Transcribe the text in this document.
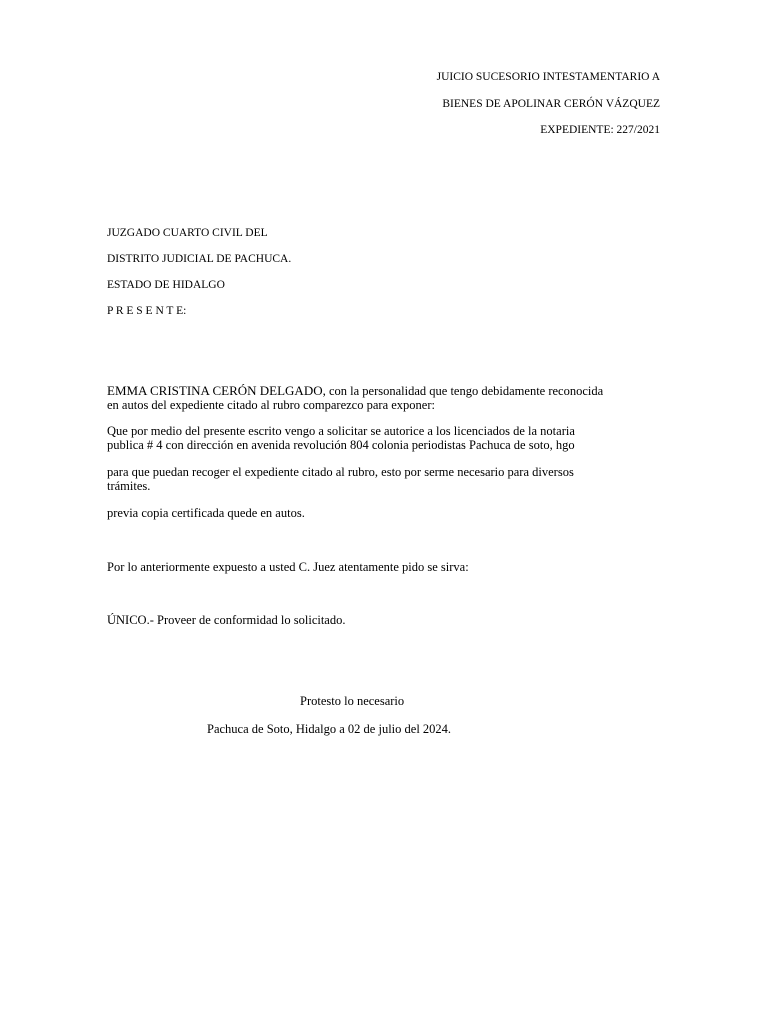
JUICIO SUCESORIO INTESTAMENTARIO A

BIENES DE APOLINAR CERÓN VÁZQUEZ

EXPEDIENTE: 227/2021

JUZGADO CUARTO CIVIL DEL

DISTRITO JUDICIAL DE PACHUCA.

ESTADO DE HIDALGO

P R E S E N T E:

EMMA CRISTINA CERÓN DELGADO, con la personalidad que tengo debidamente reconocida

en autos del expediente citado al rubro comparezco para exponer:

Que por medio del presente escrito vengo a solicitar se autorice a los licenciados de la notaria

publica # 4 con dirección en avenida revolución 804 colonia periodistas Pachuca de soto, hgo

para que puedan recoger el expediente citado al rubro, esto por serme necesario para diversos

trámites.

previa copia certificada quede en autos.

Por lo anteriormente expuesto a usted C. Juez atentamente pido se sirva:

ÚNICO.- Proveer de conformidad lo solicitado.

Protesto lo necesario

Pachuca de Soto, Hidalgo a 02 de julio del 2024.
